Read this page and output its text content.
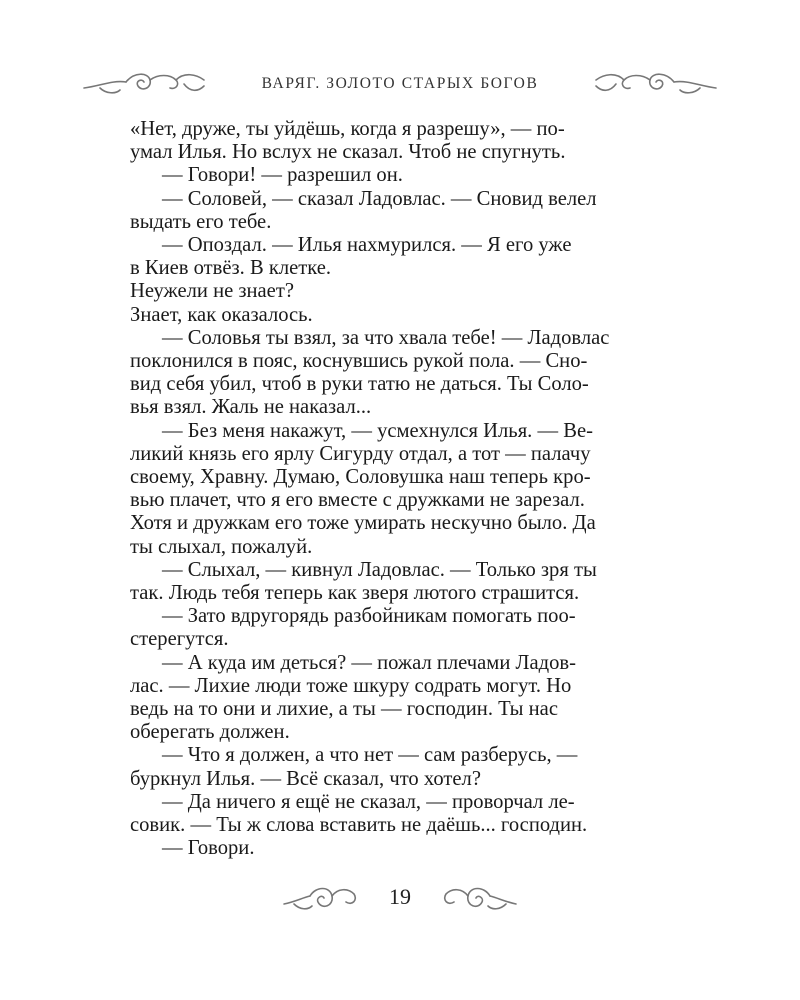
ВАРЯГ. ЗОЛОТО СТАРЫХ БОГОВ

«Нет, друже, ты уйдёшь, когда я разрешу», — по-

умал Илья. Но вслух не сказал. Чтоб не спугнуть.

— Говори! — разрешил он.

— Соловей, — сказал Ладовлас. — Сновид велел

выдать его тебе.

— Опоздал. — Илья нахмурился. — Я его уже

в Киев отвёз. В клетке.

Неужели не знает?

Знает, как оказалось.

— Соловья ты взял, за что хвала тебе! — Ладовлас

поклонился в пояс, коснувшись рукой пола. — Сно-

вид себя убил, чтоб в руки татю не даться. Ты Соло-

вья взял. Жаль не наказал...

— Без меня накажут, — усмехнулся Илья. — Ве-

ликий князь его ярлу Сигурду отдал, а тот — палачу

своему, Хравну. Думаю, Соловушка наш теперь кро-

вью плачет, что я его вместе с дружками не зарезал.

Хотя и дружкам его тоже умирать нескучно было. Да

ты слыхал, пожалуй.

— Слыхал, — кивнул Ладовлас. — Только зря ты

так. Людь тебя теперь как зверя лютого страшится.

— Зато вдругорядь разбойникам помогать поо-

стерегутся.

— А куда им деться? — пожал плечами Ладов-

лас. — Лихие люди тоже шкуру содрать могут. Но

ведь на то они и лихие, а ты — господин. Ты нас

оберегать должен.

— Что я должен, а что нет — сам разберусь, —

буркнул Илья. — Всё сказал, что хотел?

— Да ничего я ещё не сказал, — проворчал ле-

совик. — Ты ж слова вставить не даёшь... господин.

— Говори.

19
